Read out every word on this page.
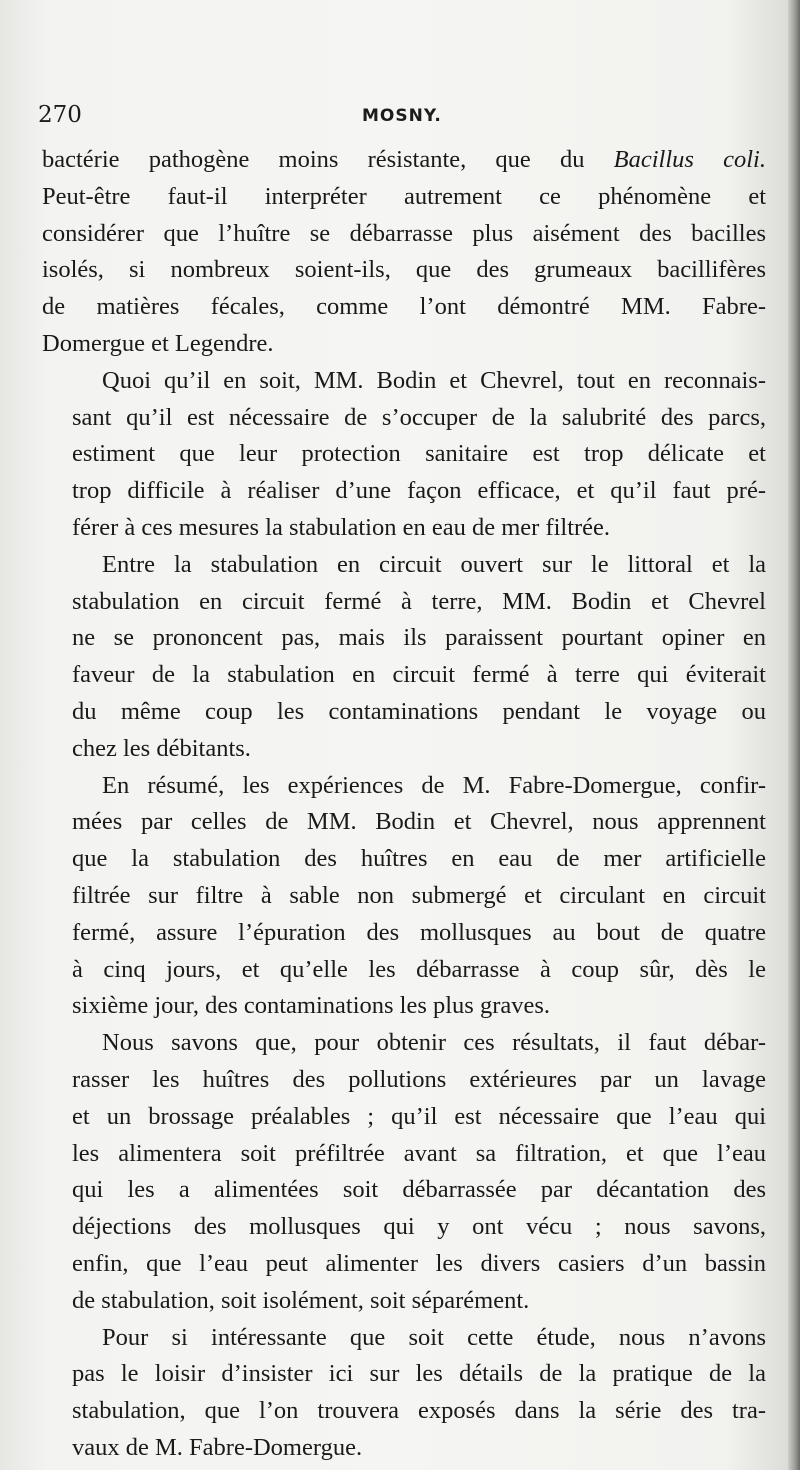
270	MOSNY.
bactérie pathogène moins résistante, que du Bacillus coli.
Peut-être faut-il interpréter autrement ce phénomène et
considérer que l’huître se débarrasse plus aisément des bacilles
isolés, si nombreux soient-ils, que des grumeaux bacillifères
de matières fécales, comme l’ont démontré MM. Fabre-
Domergue et Legendre.
Quoi qu’il en soit, MM. Bodin et Chevrel, tout en reconnais-
sant qu’il est nécessaire de s’occuper de la salubrité des parcs,
estiment que leur protection sanitaire est trop délicate et
trop difficile à réaliser d’une façon efficace, et qu’il faut pré-
férer à ces mesures la stabulation en eau de mer filtrée.
Entre la stabulation en circuit ouvert sur le littoral et la
stabulation en circuit fermé à terre, MM. Bodin et Chevrel
ne se prononcent pas, mais ils paraissent pourtant opiner en
faveur de la stabulation en circuit fermé à terre qui éviterait
du même coup les contaminations pendant le voyage ou
chez les débitants.
En résumé, les expériences de M. Fabre-Domergue, confir-
mées par celles de MM. Bodin et Chevrel, nous apprennent
que la stabulation des huîtres en eau de mer artificielle
filtrée sur filtre à sable non submergé et circulant en circuit
fermé, assure l’épuration des mollusques au bout de quatre
à cinq jours, et qu’elle les débarrasse à coup sûr, dès le
sixième jour, des contaminations les plus graves.
Nous savons que, pour obtenir ces résultats, il faut débar-
rasser les huîtres des pollutions extérieures par un lavage
et un brossage préalables ; qu’il est nécessaire que l’eau qui
les alimentera soit préfiltrée avant sa filtration, et que l’eau
qui les a alimentées soit débarrassée par décantation des
déjections des mollusques qui y ont vécu ; nous savons,
enfin, que l’eau peut alimenter les divers casiers d’un bassin
de stabulation, soit isolément, soit séparément.
Pour si intéressante que soit cette étude, nous n’avons
pas le loisir d’insister ici sur les détails de la pratique de la
stabulation, que l’on trouvera exposés dans la série des tra-
vaux de M. Fabre-Domergue.
